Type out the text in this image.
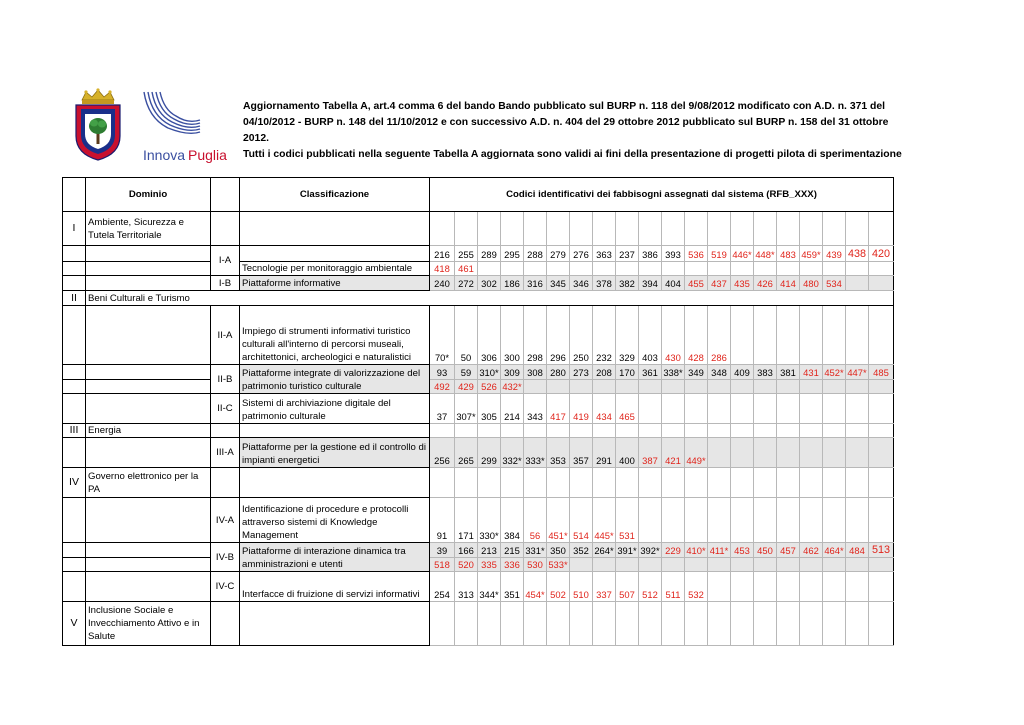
Innova Puglia
Aggiornamento Tabella A, art.4 comma 6 del bando Bando pubblicato sul BURP n. 118 del 9/08/2012 modificato con A.D. n. 371 del
04/10/2012 - BURP n. 148 del 11/10/2012 e con successivo A.D. n. 404 del 29 ottobre 2012 pubblicato sul BURP n. 158 del 31 ottobre
2012.
Tutti i codici pubblicati nella seguente Tabella A aggiornata sono validi ai fini della presentazione di progetti pilota di sperimentazione
	Dominio		Classificazione	Codici identificativi dei fabbisogni assegnati dal sistema (RFB_XXX)																			
I	Ambiente, Sicurezza e Tutela Territoriale																						
		I-A		216	255	289	295	288	279	276	363	237	386	393	536	519	446*	448*	483	459*	439	438	420
			Tecnologie per monitoraggio ambientale	418	461																		
		I-B	Piattaforme informative	240	272	302	186	316	345	346	378	382	394	404	455	437	435	426	414	480	534		
II	Beni Culturali e Turismo																						
		II-A	Impiego di strumenti informativi turistico culturali all'interno di percorsi museali, architettonici, archeologici e naturalistici	70*	50	306	300	298	296	250	232	329	403	430	428	286							
		II-B	Piattaforme integrate di valorizzazione del patrimonio turistico culturale	93	59	310*	309	308	280	273	208	170	361	338*	349	348	409	383	381	431	452*	447*	485
				492	429	526	432*																
		II-C	Sistemi di archiviazione digitale del patrimonio culturale	37	307*	305	214	343	417	419	434	465											
III	Energia																						
		III-A	Piattaforme per la gestione ed il controllo di impianti energetici	256	265	299	332*	333*	353	357	291	400	387	421	449*								
IV	Governo elettronico per la PA																						
		IV-A	Identificazione di procedure e protocolli attraverso sistemi di Knowledge Management	91	171	330*	384	56	451*	514	445*	531											
		IV-B	Piattaforme di interazione dinamica tra amministrazioni e utenti	39	166	213	215	331*	350	352	264*	391*	392*	229	410*	411*	453	450	457	462	464*	484	513
				518	520	335	336	530	533*														
		IV-C	Interfacce di fruizione di servizi informativi	254	313	344*	351	454*	502	510	337	507	512	511	532								
V	Inclusione Sociale e Invecchiamento Attivo e in Salute																						
